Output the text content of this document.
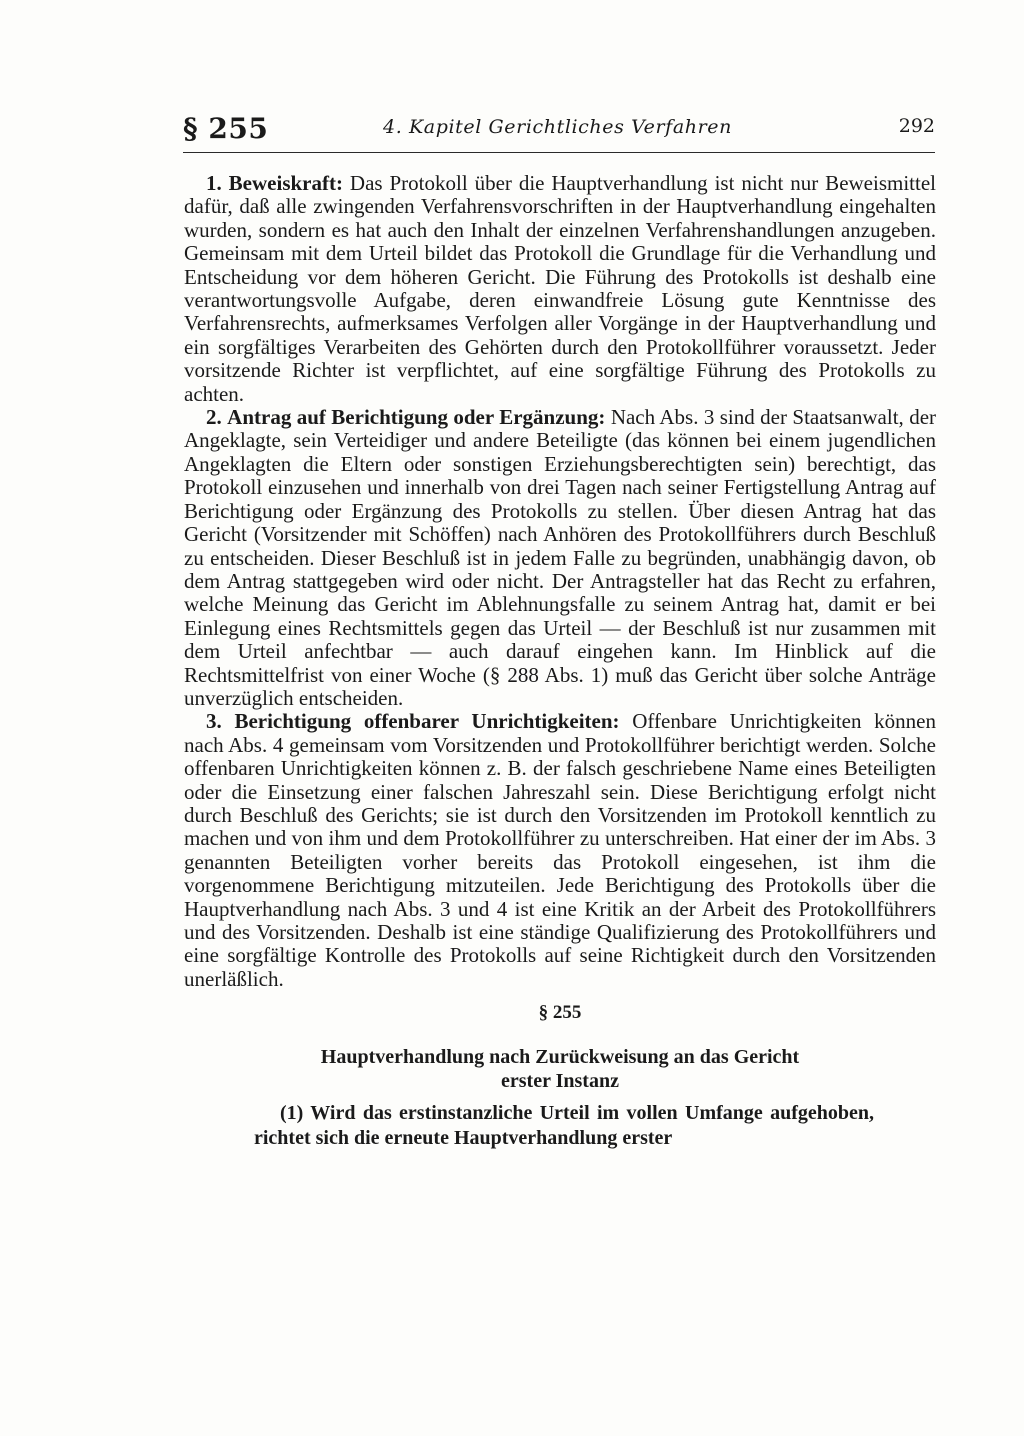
§ 255	4. Kapitel Gerichtliches Verfahren	292

1. Beweiskraft: Das Protokoll über die Hauptverhandlung ist nicht nur Beweismittel dafür, daß alle zwingenden Verfahrensvorschriften in der Hauptverhandlung eingehalten wurden, sondern es hat auch den Inhalt der einzelnen Verfahrenshandlungen anzugeben. Gemeinsam mit dem Urteil bildet das Protokoll die Grundlage für die Verhandlung und Entscheidung vor dem höheren Gericht. Die Führung des Protokolls ist deshalb eine verantwortungsvolle Aufgabe, deren einwandfreie Lösung gute Kenntnisse des Verfahrensrechts, aufmerksames Verfolgen aller Vorgänge in der Hauptverhandlung und ein sorgfältiges Verarbeiten des Gehörten durch den Protokollführer voraussetzt. Jeder vorsitzende Richter ist verpflichtet, auf eine sorgfältige Führung des Protokolls zu achten.

2. Antrag auf Berichtigung oder Ergänzung: Nach Abs. 3 sind der Staatsanwalt, der Angeklagte, sein Verteidiger und andere Beteiligte (das können bei einem jugendlichen Angeklagten die Eltern oder sonstigen Erziehungsberechtigten sein) berechtigt, das Protokoll einzusehen und innerhalb von drei Tagen nach seiner Fertigstellung Antrag auf Berichtigung oder Ergänzung des Protokolls zu stellen. Über diesen Antrag hat das Gericht (Vorsitzender mit Schöffen) nach Anhören des Protokollführers durch Beschluß zu entscheiden. Dieser Beschluß ist in jedem Falle zu begründen, unabhängig davon, ob dem Antrag stattgegeben wird oder nicht. Der Antragsteller hat das Recht zu erfahren, welche Meinung das Gericht im Ablehnungsfalle zu seinem Antrag hat, damit er bei Einlegung eines Rechtsmittels gegen das Urteil — der Beschluß ist nur zusammen mit dem Urteil anfechtbar — auch darauf eingehen kann. Im Hinblick auf die Rechtsmittelfrist von einer Woche (§ 288 Abs. 1) muß das Gericht über solche Anträge unverzüglich entscheiden.

3. Berichtigung offenbarer Unrichtigkeiten: Offenbare Unrichtigkeiten können nach Abs. 4 gemeinsam vom Vorsitzenden und Protokollführer berichtigt werden. Solche offenbaren Unrichtigkeiten können z. B. der falsch geschriebene Name eines Beteiligten oder die Einsetzung einer falschen Jahreszahl sein. Diese Berichtigung erfolgt nicht durch Beschluß des Gerichts; sie ist durch den Vorsitzenden im Protokoll kenntlich zu machen und von ihm und dem Protokollführer zu unterschreiben. Hat einer der im Abs. 3 genannten Beteiligten vorher bereits das Protokoll eingesehen, ist ihm die vorgenommene Berichtigung mitzuteilen. Jede Berichtigung des Protokolls über die Hauptverhandlung nach Abs. 3 und 4 ist eine Kritik an der Arbeit des Protokollführers und des Vorsitzenden. Deshalb ist eine ständige Qualifizierung des Protokollführers und eine sorgfältige Kontrolle des Protokolls auf seine Richtigkeit durch den Vorsitzenden unerläßlich.

§ 255
Hauptverhandlung nach Zurückweisung an das Gericht
erster Instanz
(1) Wird das erstinstanzliche Urteil im vollen Umfange aufgehoben, richtet sich die erneute Hauptverhandlung erster
